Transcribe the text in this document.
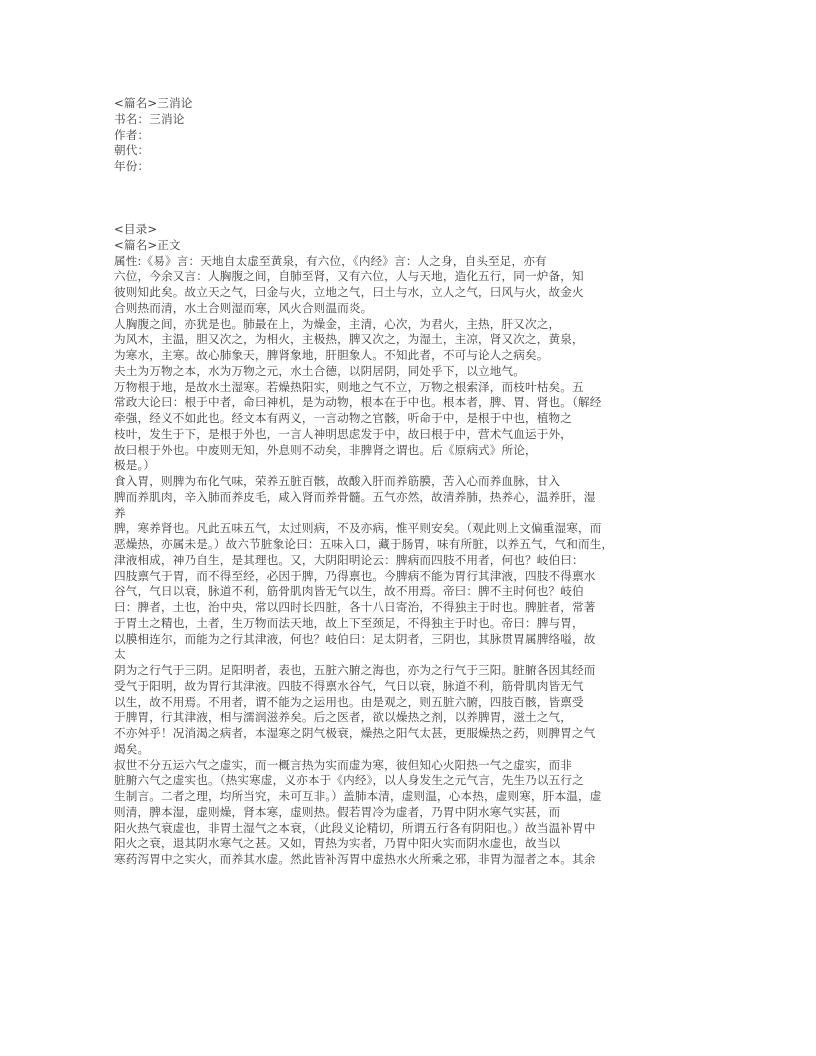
<篇名>三消论
书名：三消论
作者：
朝代：
年份：
<目录>
<篇名>正文
属性:《易》言：天地自太虚至黄泉，有六位，《内经》言：人之身，自头至足，亦有
六位，今余又言：人胸腹之间，自肺至肾，又有六位，人与天地，造化五行，同一炉备，知
彼则知此矣。故立天之气，曰金与火，立地之气，曰土与水，立人之气，曰风与火，故金火
合则热而清，水土合则湿而寒，风火合则温而炎。
人胸腹之间，亦犹是也。肺最在上，为燥金，主清，心次，为君火，主热，肝又次之，
为风木，主温，胆又次之，为相火，主极热，脾又次之，为湿土，主凉，肾又次之，黄泉，
为寒水，主寒。故心肺象天，脾肾象地，肝胆象人。不知此者，不可与论人之病矣。
夫土为万物之本，水为万物之元，水土合德，以阴居阴，同处乎下，以立地气。
万物根于地，是故水土湿寒。若燥热阳实，则地之气不立，万物之根索泽，而枝叶枯矣。五
常政大论曰：根于中者，命曰神机，是为动物，根本在于中也。根本者，脾、胃、肾也。（解经
牵强，经义不如此也。经文本有两义，一言动物之官骸，听命于中，是根于中也，植物之
枝叶，发生于下，是根于外也，一言人神明思虑发于中，故曰根于中，营术气血运于外，
故曰根于外也。中废则无知，外息则不动矣，非脾肾之谓也。后《原病式》所论，
极是。）
食入胃，则脾为布化气味，荣养五脏百骸，故酸入肝而养筋膜，苦入心而养血脉，甘入
脾而养肌肉，辛入肺而养皮毛，咸入肾而养骨髓。五气亦然，故清养肺，热养心，温养肝，湿
养
脾，寒养肾也。凡此五味五气，太过则病，不及亦病，惟平则安矣。（观此则上文偏重湿寒，而
恶燥热，亦属未是。）故六节脏象论曰：五味入口，藏于肠胃，味有所脏，以养五气，气和而生，
津液相成，神乃自生，是其理也。又，大阴阳明论云：脾病而四肢不用者，何也？岐伯曰：
四肢禀气于胃，而不得至经，必因于脾，乃得禀也。今脾病不能为胃行其津液，四肢不得禀水
谷气，气日以衰，脉道不利，筋骨肌肉皆无气以生，故不用焉。帝曰：脾不主时何也？岐伯
曰：脾者，土也，治中央，常以四时长四脏，各十八日寄治，不得独主于时也。脾脏者，常著
于胃土之精也，土者，生万物而法天地，故上下至颈足，不得独主于时也。帝曰：脾与胃，
以膜相连尔，而能为之行其津液，何也？岐伯曰：足太阴者，三阴也，其脉贯胃属脾络嗌，故
太
阴为之行气于三阴。足阳明者，表也，五脏六腑之海也，亦为之行气于三阳。脏腑各因其经而
受气于阳明，故为胃行其津液。四肢不得禀水谷气，气日以衰，脉道不利，筋骨肌肉皆无气
以生，故不用焉。不用者，谓不能为之运用也。由是观之，则五脏六腑，四肢百骸，皆禀受
于脾胃，行其津液，相与濡润滋养矣。后之医者，欲以燥热之剂，以养脾胃，滋土之气，
不亦舛乎！况消渴之病者，本湿寒之阴气极衰，燥热之阳气太甚，更服燥热之药，则脾胃之气
竭矣。
叔世不分五运六气之虚实，而一概言热为实而虚为寒，彼但知心火阳热一气之虚实，而非
脏腑六气之虚实也。（热实寒虚，义亦本于《内经》，以人身发生之元气言，先生乃以五行之
生制言。二者之理，均所当究，未可互非。）盖肺本清，虚则温，心本热，虚则寒，肝本温，虚
则清，脾本湿，虚则燥，肾本寒，虚则热。假若胃冷为虚者，乃胃中阴水寒气实甚，而
阳火热气衰虚也，非胃土湿气之本衰，（此段义论精切，所谓五行各有阴阳也。）故当温补胃中
阳火之衰，退其阴水寒气之甚。又如，胃热为实者，乃胃中阳火实而阴水虚也，故当以
寒药泻胃中之实火，而养其水虚。然此皆补泻胃中虚热水火所乘之邪，非胃为湿者之本。其余
